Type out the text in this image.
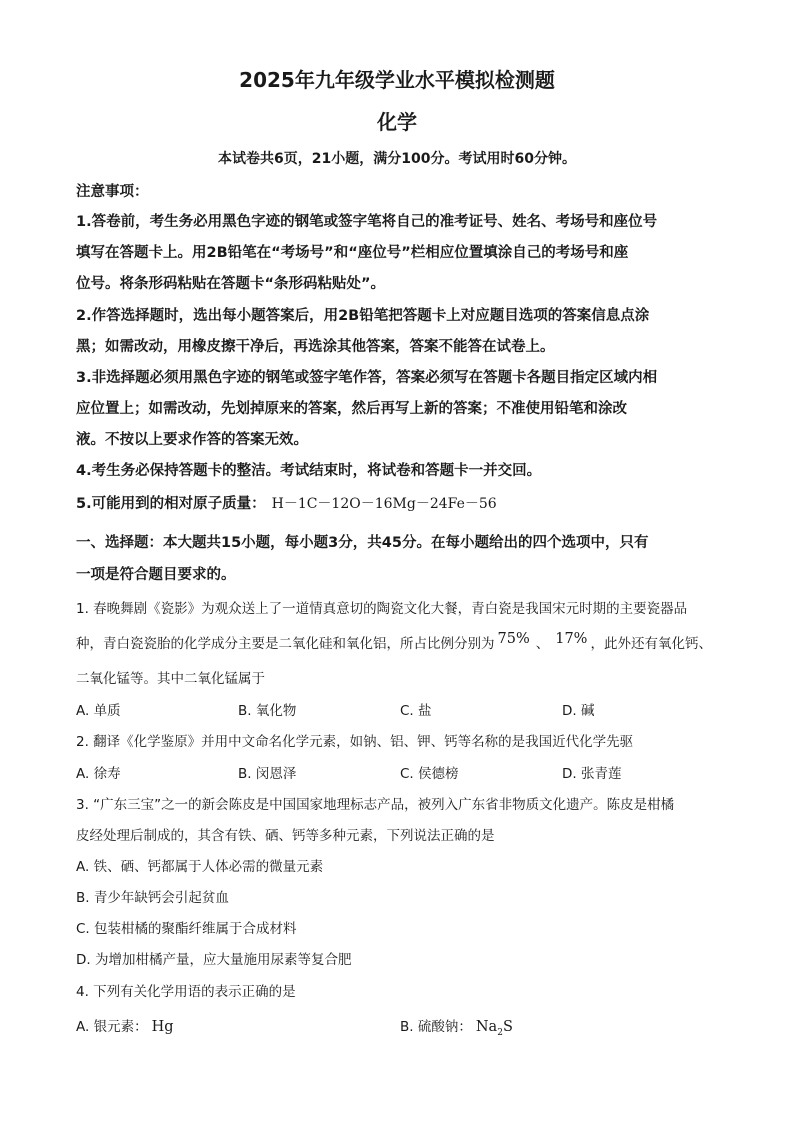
2025年九年级学业水平模拟检测题
化学
本试卷共6页，21小题，满分100分。考试用时60分钟。
注意事项：
1.答卷前，考生务必用黑色字迹的钢笔或签字笔将自己的准考证号、姓名、考场号和座位号
填写在答题卡上。用2B铅笔在“考场号”和“座位号”栏相应位置填涂自己的考场号和座
位号。将条形码粘贴在答题卡“条形码粘贴处”。
2.作答选择题时，选出每小题答案后，用2B铅笔把答题卡上对应题目选项的答案信息点涂
黑；如需改动，用橡皮擦干净后，再选涂其他答案，答案不能答在试卷上。
3.非选择题必须用黑色字迹的钢笔或签字笔作答，答案必须写在答题卡各题目指定区域内相
应位置上；如需改动，先划掉原来的答案，然后再写上新的答案；不准使用铅笔和涂改
液。不按以上要求作答的答案无效。
4.考生务必保持答题卡的整洁。考试结束时，将试卷和答题卡一并交回。
5.可能用到的相对原子质量： H－1C－12O－16Mg－24Fe－56
一、选择题：本大题共15小题，每小题3分，共45分。在每小题给出的四个选项中，只有
一项是符合题目要求的。
1. 春晚舞剧《瓷影》为观众送上了一道情真意切的陶瓷文化大餐，青白瓷是我国宋元时期的主要瓷器品
种，青白瓷瓷胎的化学成分主要是二氧化硅和氧化铝，所占比例分别为 75% 、 17% ，此外还有氧化钙、
二氧化锰等。其中二氧化锰属于
A. 单质	B. 氧化物	C. 盐	D. 碱
2. 翻译《化学鉴原》并用中文命名化学元素，如钠、铝、钾、钙等名称的是我国近代化学先驱
A. 徐寿	B. 闵恩泽	C. 侯德榜	D. 张青莲
3. “广东三宝”之一的新会陈皮是中国国家地理标志产品，被列入广东省非物质文化遗产。陈皮是柑橘
皮经处理后制成的，其含有铁、硒、钙等多种元素，下列说法正确的是
A. 铁、硒、钙都属于人体必需的微量元素
B. 青少年缺钙会引起贫血
C. 包装柑橘的聚酯纤维属于合成材料
D. 为增加柑橘产量，应大量施用尿素等复合肥
4. 下列有关化学用语的表示正确的是
A. 银元素： Hg	B. 硫酸钠： $Na_2S$
